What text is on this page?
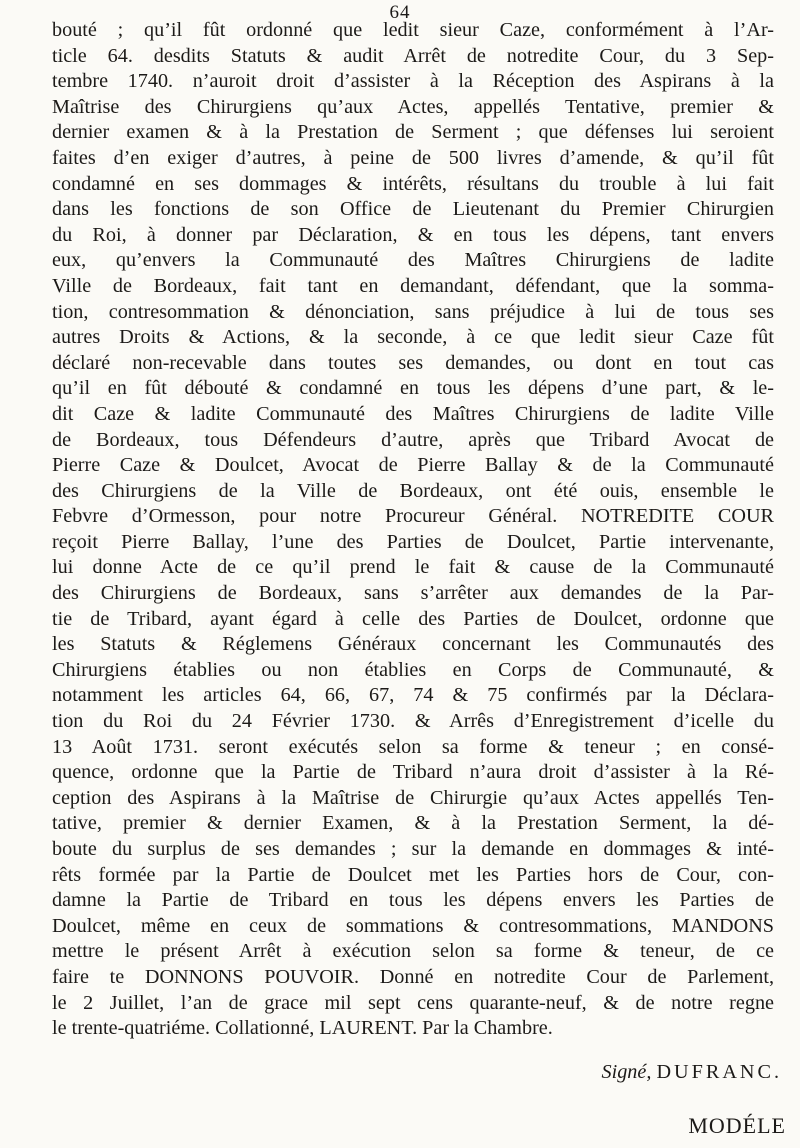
64
bouté ; qu’il fût ordonné que ledit sieur Caze, conformément à l’Ar-
ticle 64. desdits Statuts & audit Arrêt de notredite Cour, du 3 Sep-
tembre 1740. n’auroit droit d’assister à la Réception des Aspirans à la
Maîtrise des Chirurgiens qu’aux Actes, appellés Tentative, premier &
dernier examen & à la Prestation de Serment ; que défenses lui seroient
faites d’en exiger d’autres, à peine de 500 livres d’amende, & qu’il fût
condamné en ses dommages & intérêts, résultans du trouble à lui fait
dans les fonctions de son Office de Lieutenant du Premier Chirurgien
du Roi, à donner par Déclaration, & en tous les dépens, tant envers
eux, qu’envers la Communauté des Maîtres Chirurgiens de ladite
Ville de Bordeaux, fait tant en demandant, défendant, que la somma-
tion, contresommation & dénonciation, sans préjudice à lui de tous ses
autres Droits & Actions, & la seconde, à ce que ledit sieur Caze fût
déclaré non-recevable dans toutes ses demandes, ou dont en tout cas
qu’il en fût débouté & condamné en tous les dépens d’une part, & le-
dit Caze & ladite Communauté des Maîtres Chirurgiens de ladite Ville
de Bordeaux, tous Défendeurs d’autre, après que Tribard Avocat de
Pierre Caze & Doulcet, Avocat de Pierre Ballay & de la Communauté
des Chirurgiens de la Ville de Bordeaux, ont été ouis, ensemble le
Febvre d’Ormesson, pour notre Procureur Général. NOTREDITE COUR
reçoit Pierre Ballay, l’une des Parties de Doulcet, Partie intervenante,
lui donne Acte de ce qu’il prend le fait & cause de la Communauté
des Chirurgiens de Bordeaux, sans s’arrêter aux demandes de la Par-
tie de Tribard, ayant égard à celle des Parties de Doulcet, ordonne que
les Statuts & Réglemens Généraux concernant les Communautés des
Chirurgiens établies ou non établies en Corps de Communauté, &
notamment les articles 64, 66, 67, 74 & 75 confirmés par la Déclara-
tion du Roi du 24 Février 1730. & Arrês d’Enregistrement d’icelle du
13 Août 1731. seront exécutés selon sa forme & teneur ; en consé-
quence, ordonne que la Partie de Tribard n’aura droit d’assister à la Ré-
ception des Aspirans à la Maîtrise de Chirurgie qu’aux Actes appellés Ten-
tative, premier & dernier Examen, & à la Prestation Serment, la dé-
boute du surplus de ses demandes ; sur la demande en dommages & inté-
rêts formée par la Partie de Doulcet met les Parties hors de Cour, con-
damne la Partie de Tribard en tous les dépens envers les Parties de
Doulcet, même en ceux de sommations & contresommations, MANDONS
mettre le présent Arrêt à exécution selon sa forme & teneur, de ce
faire te DONNONS POUVOIR. Donné en notredite Cour de Parlement,
le 2 Juillet, l’an de grace mil sept cens quarante-neuf, & de notre regne
le trente-quatriéme. Collationné, LAURENT. Par la Chambre.
Signé, DUFRANC.
MODÉLE
